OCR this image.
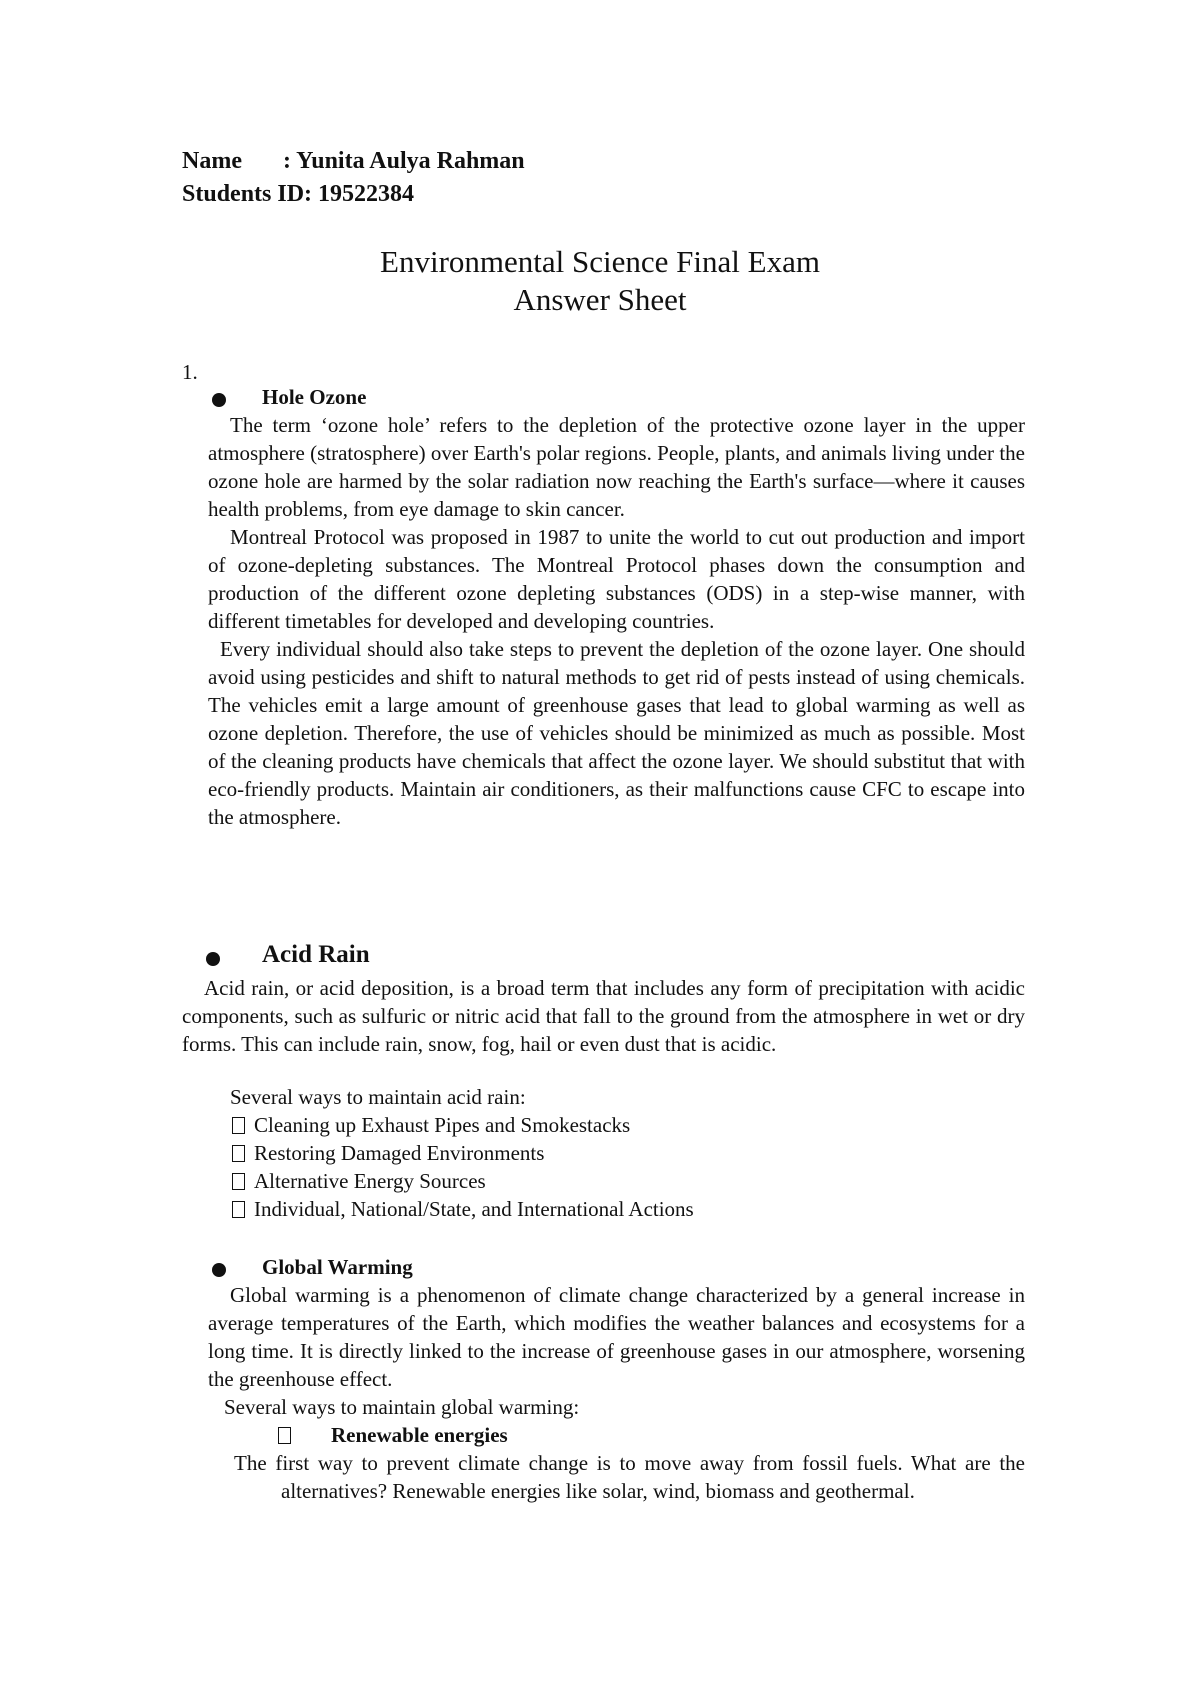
Name : Yunita Aulya Rahman
Students ID: 19522384
Environmental Science Final Exam
Answer Sheet
1.
Hole Ozone

The term ‘ozone hole’ refers to the depletion of the protective ozone layer in the upper atmosphere (stratosphere) over Earth's polar regions. People, plants, and animals living under the ozone hole are harmed by the solar radiation now reaching the Earth's surface—where it causes health problems, from eye damage to skin cancer.

Montreal Protocol was proposed in 1987 to unite the world to cut out production and import of ozone-depleting substances. The Montreal Protocol phases down the consumption and production of the different ozone depleting substances (ODS) in a step-wise manner, with different timetables for developed and developing countries.

Every individual should also take steps to prevent the depletion of the ozone layer. One should avoid using pesticides and shift to natural methods to get rid of pests instead of using chemicals. The vehicles emit a large amount of greenhouse gases that lead to global warming as well as ozone depletion. Therefore, the use of vehicles should be minimized as much as possible. Most of the cleaning products have chemicals that affect the ozone layer. We should substitut that with eco-friendly products. Maintain air conditioners, as their malfunctions cause CFC to escape into the atmosphere.

Acid Rain

Acid rain, or acid deposition, is a broad term that includes any form of precipitation with acidic components, such as sulfuric or nitric acid that fall to the ground from the atmosphere in wet or dry forms. This can include rain, snow, fog, hail or even dust that is acidic.

Several ways to maintain acid rain:
Cleaning up Exhaust Pipes and Smokestacks
Restoring Damaged Environments
Alternative Energy Sources
Individual, National/State, and International Actions
Global Warming

Global warming is a phenomenon of climate change characterized by a general increase in average temperatures of the Earth, which modifies the weather balances and ecosystems for a long time. It is directly linked to the increase of greenhouse gases in our atmosphere, worsening the greenhouse effect.

Several ways to maintain global warming:
Renewable energies

The first way to prevent climate change is to move away from fossil fuels. What are the alternatives? Renewable energies like solar, wind, biomass and geothermal.
